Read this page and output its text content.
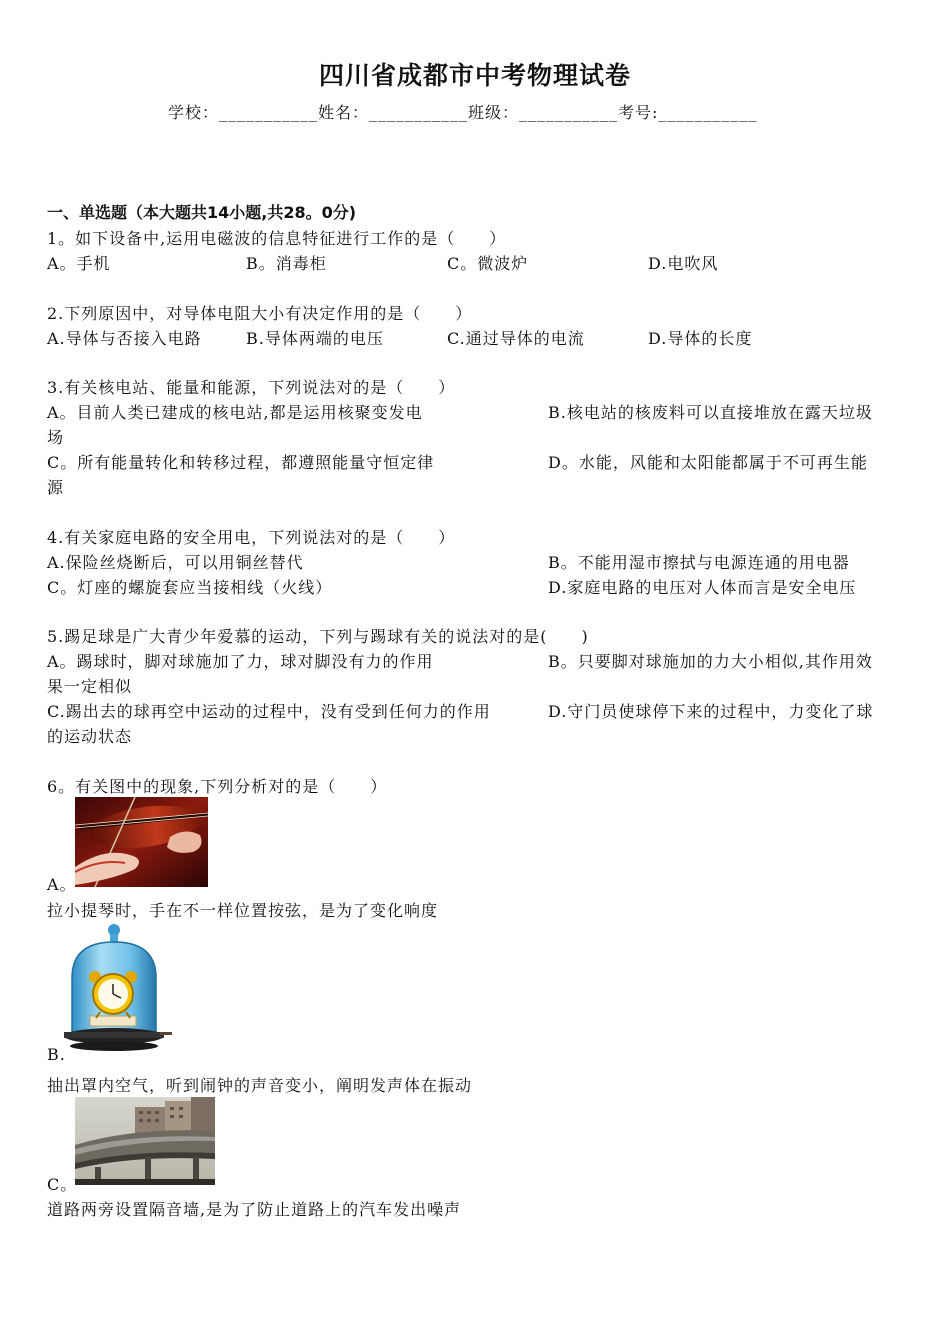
四川省成都市中考物理试卷
学校：___________姓名：___________班级：___________考号:___________
一、单选题（本大题共14小题,共28。0分)
1。如下设备中,运用电磁波的信息特征进行工作的是（　　）
A。手机	B。消毒柜	C。微波炉	D.电吹风
2.下列原因中，对导体电阻大小有决定作用的是（　　）
A.导体与否接入电路	B.导体两端的电压	C.通过导体的电流	D.导体的长度
3.有关核电站、能量和能源，下列说法对的是（　　）
A。目前人类已建成的核电站,都是运用核聚变发电	B.核电站的核废料可以直接堆放在露天垃圾
场
C。所有能量转化和转移过程，都遵照能量守恒定律	D。水能，风能和太阳能都属于不可再生能
源
4.有关家庭电路的安全用电，下列说法对的是（　　）
A.保险丝烧断后，可以用铜丝替代	B。不能用湿市擦拭与电源连通的用电器
C。灯座的螺旋套应当接相线（火线）	D.家庭电路的电压对人体而言是安全电压
5.踢足球是广大青少年爱慕的运动，下列与踢球有关的说法对的是(　　)
A。踢球时，脚对球施加了力，球对脚没有力的作用	B。只要脚对球施加的力大小相似,其作用效
果一定相似
C.踢出去的球再空中运动的过程中，没有受到任何力的作用	D.守门员使球停下来的过程中，力变化了球
的运动状态
6。有关图中的现象,下列分析对的是（　　）
A。
拉小提琴时，手在不一样位置按弦，是为了变化响度
B.
抽出罩内空气，听到闹钟的声音变小，阐明发声体在振动
C。
道路两旁设置隔音墙,是为了防止道路上的汽车发出噪声
